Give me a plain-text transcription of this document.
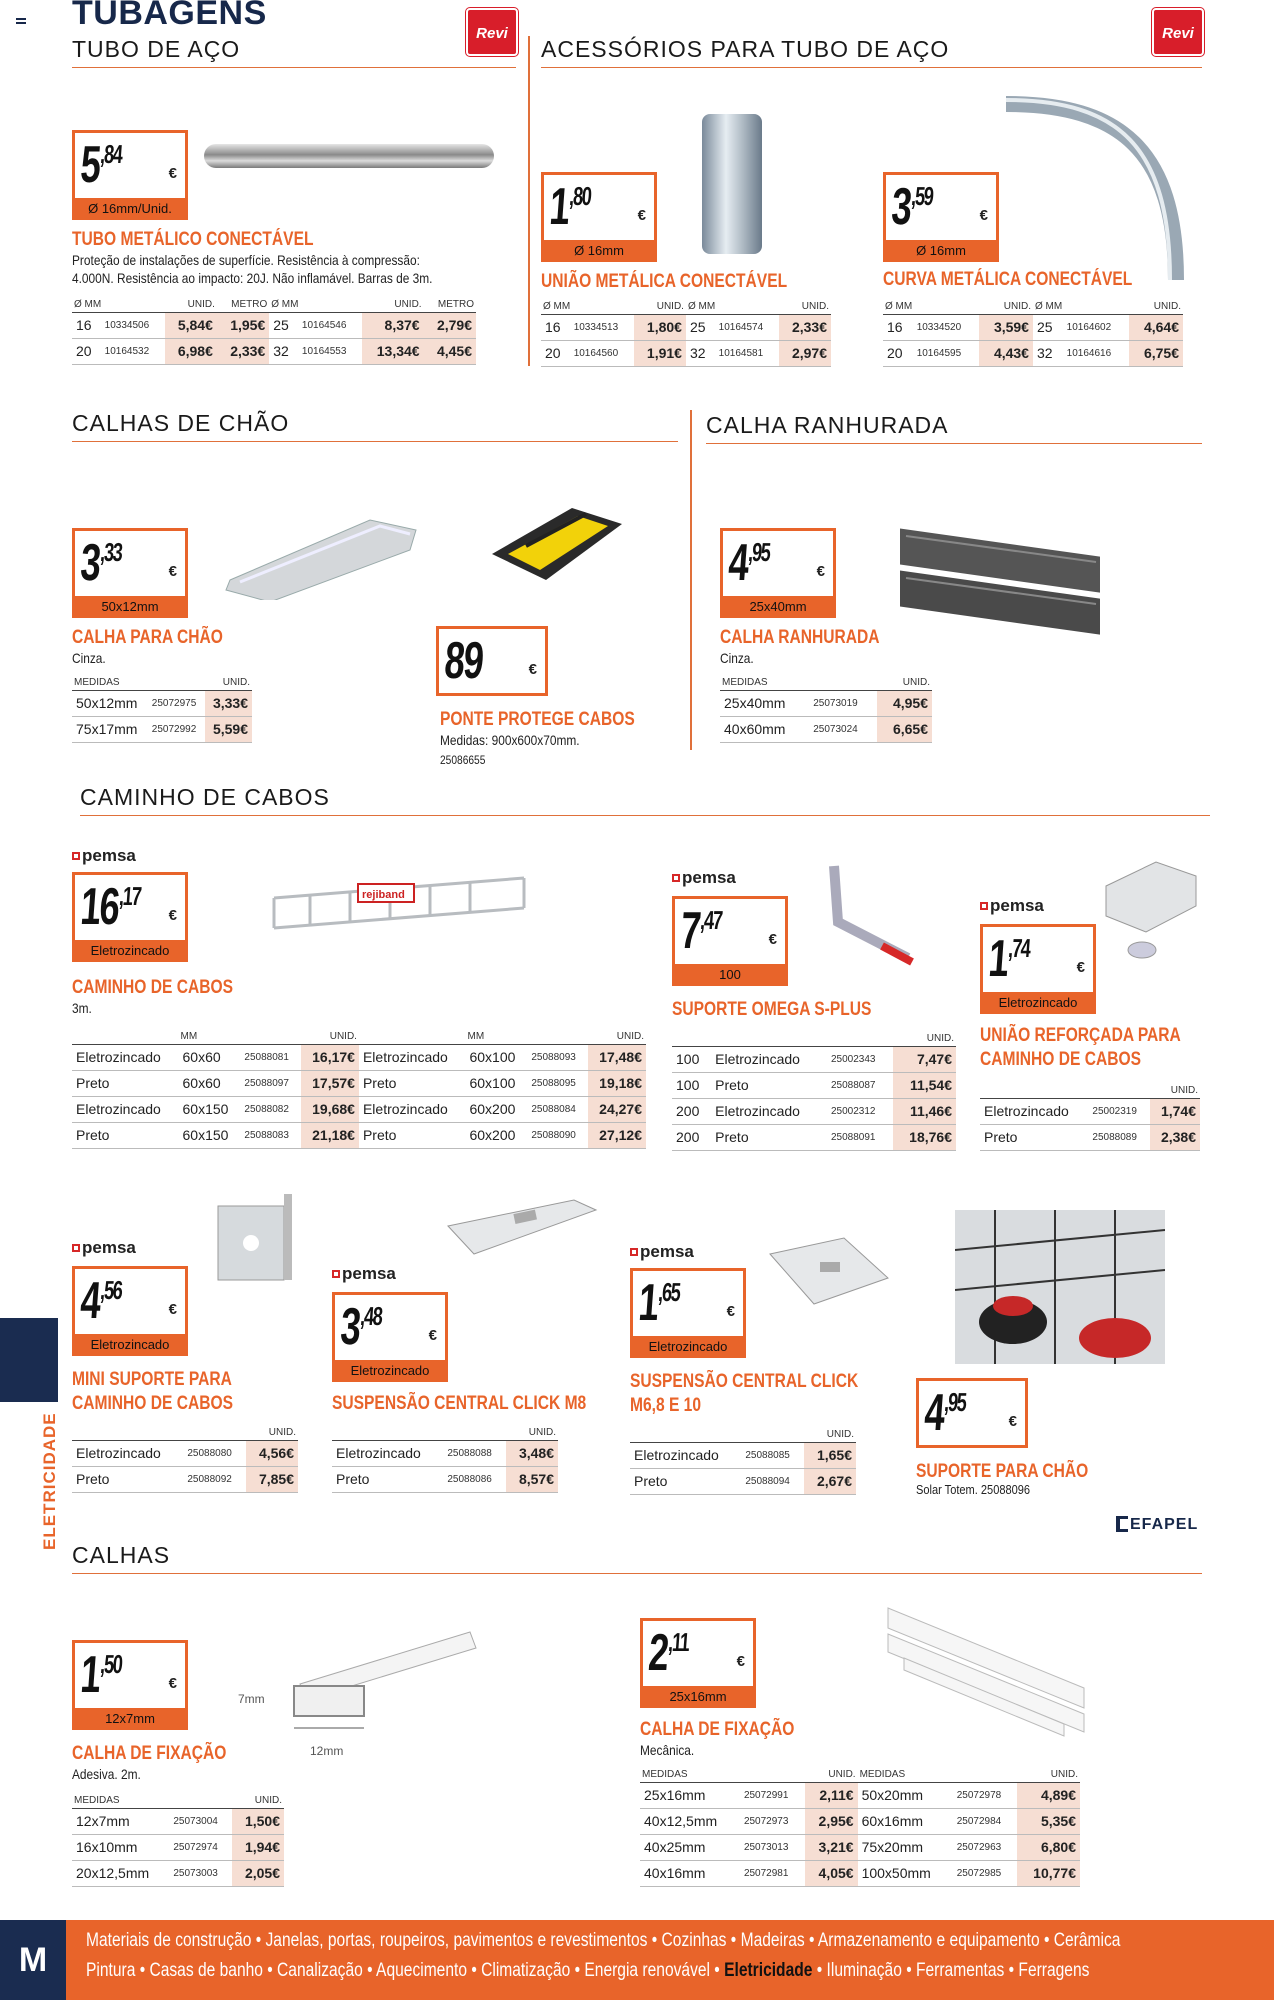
TUBAGENS
ELETRICIDADE
TUBO DE AÇO
Revi
ACESSÓRIOS PARA TUBO DE AÇO
Revi
$5^{,84}$
€
Ø 16mm/Unid.
TUBO METÁLICO CONECTÁVEL
Proteção de instalações de superfície. Resistência à compressão:
4.000N. Resistência ao impacto: 20J. Não inflamável. Barras de 3m.
Ø MM		UNID.	METRO	Ø MM		UNID.	METRO
16	10334506	5,84€	1,95€	25	10164546	8,37€	2,79€
20	10164532	6,98€	2,33€	32	10164553	13,34€	4,45€
$1^{,80}$
€
Ø 16mm
UNIÃO METÁLICA CONECTÁVEL
Ø MM		UNID.	Ø MM		UNID.
16	10334513	1,80€	25	10164574	2,33€
20	10164560	1,91€	32	10164581	2,97€
$3^{,59}$
€
Ø 16mm
CURVA METÁLICA CONECTÁVEL
Ø MM		UNID.	Ø MM		UNID.
16	10334520	3,59€	25	10164602	4,64€
20	10164595	4,43€	32	10164616	6,75€
CALHAS DE CHÃO	CALHA RANHURADA
$3^{,33}$
€
50x12mm
CALHA PARA CHÃO
Cinza.
MEDIDAS		UNID.
50x12mm	25072975	3,33€
75x17mm	25072992	5,59€
89	€
PONTE PROTEGE CABOS
Medidas: 900x600x70mm.
25086655
$4^{,95}$
€
25x40mm
CALHA RANHURADA
Cinza.
MEDIDAS		UNID.
25x40mm	25073019	4,95€
40x60mm	25073024	6,65€
CAMINHO DE CABOS
pemsa
$16^{,17}$
€
Eletrozincado
rejiband
CAMINHO DE CABOS
3m.
	MM		UNID.		MM		UNID.
Eletrozincado	60x60	25088081	16,17€	Eletrozincado	60x100	25088093	17,48€
Preto	60x60	25088097	17,57€	Preto	60x100	25088095	19,18€
Eletrozincado	60x150	25088082	19,68€	Eletrozincado	60x200	25088084	24,27€
Preto	60x150	25088083	21,18€	Preto	60x200	25088090	27,12€
pemsa
$7^{,47}$
€
100
SUPORTE OMEGA S-PLUS
			UNID.
100	Eletrozincado	25002343	7,47€
100	Preto	25088087	11,54€
200	Eletrozincado	25002312	11,46€
200	Preto	25088091	18,76€
pemsa
$1^{,74}$
€
Eletrozincado
UNIÃO REFORÇADA PARA
CAMINHO DE CABOS
		UNID.
Eletrozincado	25002319	1,74€
Preto	25088089	2,38€
pemsa
$4^{,56}$
€
Eletrozincado
MINI SUPORTE PARA
CAMINHO DE CABOS
		UNID.
Eletrozincado	25088080	4,56€
Preto	25088092	7,85€
pemsa
$3^{,48}$
€
Eletrozincado
SUSPENSÃO CENTRAL CLICK M8
		UNID.
Eletrozincado	25088088	3,48€
Preto	25088086	8,57€
pemsa
$1^{,65}$
€
Eletrozincado
SUSPENSÃO CENTRAL CLICK
M6,8 E 10
		UNID.
Eletrozincado	25088085	1,65€
Preto	25088094	2,67€
$4^{,95}$
€
SUPORTE PARA CHÃO
Solar Totem. 25088096
CALHAS
EFAPEL
$1^{,50}$
€
12x7mm
7mm
12mm
CALHA DE FIXAÇÃO
Adesiva. 2m.
MEDIDAS		UNID.
12x7mm	25073004	1,50€
16x10mm	25072974	1,94€
20x12,5mm	25073003	2,05€
$2^{,11}$
€
25x16mm
CALHA DE FIXAÇÃO
Mecânica.
MEDIDAS		UNID.	MEDIDAS		UNID.
25x16mm	25072991	2,11€	50x20mm	25072978	4,89€
40x12,5mm	25072973	2,95€	60x16mm	25072984	5,35€
40x25mm	25073013	3,21€	75x20mm	25072963	6,80€
40x16mm	25072981	4,05€	100x50mm	25072985	10,77€
M
Materiais de construção • Janelas, portas, roupeiros, pavimentos e revestimentos • Cozinhas • Madeiras • Armazenamento e equipamento • Cerâmica
Pintura • Casas de banho • Canalização • Aquecimento • Climatização • Energia renovável • Eletricidade • Iluminação • Ferramentas • Ferragens
